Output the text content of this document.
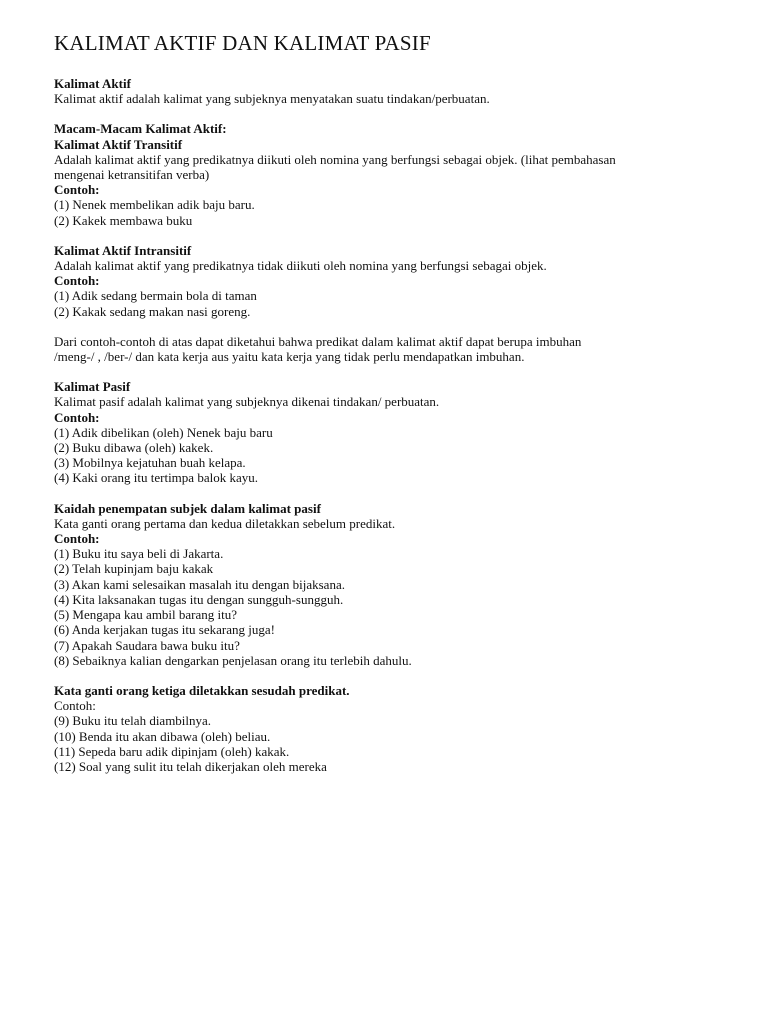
KALIMAT AKTIF DAN KALIMAT PASIF

Kalimat Aktif

Kalimat aktif adalah kalimat yang subjeknya menyatakan suatu tindakan/perbuatan.

Macam-Macam Kalimat Aktif:

Kalimat Aktif Transitif

Adalah kalimat aktif yang predikatnya diikuti oleh nomina yang berfungsi sebagai objek. (lihat pembahasan

mengenai ketransitifan verba)

Contoh:

(1) Nenek membelikan adik baju baru.

(2) Kakek membawa buku

Kalimat Aktif Intransitif

Adalah kalimat aktif yang predikatnya tidak diikuti oleh nomina yang berfungsi sebagai objek.

Contoh:

(1) Adik sedang bermain bola di taman

(2) Kakak sedang makan nasi goreng.

Dari contoh-contoh di atas dapat diketahui bahwa predikat dalam kalimat aktif dapat berupa imbuhan

/meng-/ , /ber-/ dan kata kerja aus yaitu kata kerja yang tidak perlu mendapatkan imbuhan.

Kalimat Pasif

Kalimat pasif adalah kalimat yang subjeknya dikenai tindakan/ perbuatan.

Contoh:

(1) Adik dibelikan (oleh) Nenek baju baru

(2) Buku dibawa (oleh) kakek.

(3) Mobilnya kejatuhan buah kelapa.

(4) Kaki orang itu tertimpa balok kayu.

Kaidah penempatan subjek dalam kalimat pasif

Kata ganti orang pertama dan kedua diletakkan sebelum predikat.

Contoh:

(1) Buku itu saya beli di Jakarta.

(2) Telah kupinjam baju kakak

(3) Akan kami selesaikan masalah itu dengan bijaksana.

(4) Kita laksanakan tugas itu dengan sungguh-sungguh.

(5) Mengapa kau ambil barang itu?

(6) Anda kerjakan tugas itu sekarang juga!

(7) Apakah Saudara bawa buku itu?

(8) Sebaiknya kalian dengarkan penjelasan orang itu terlebih dahulu.

Kata ganti orang ketiga diletakkan sesudah predikat.

Contoh:

(9) Buku itu telah diambilnya.

(10) Benda itu akan dibawa (oleh) beliau.

(11) Sepeda baru adik dipinjam (oleh) kakak.

(12) Soal yang sulit itu telah dikerjakan oleh mereka
